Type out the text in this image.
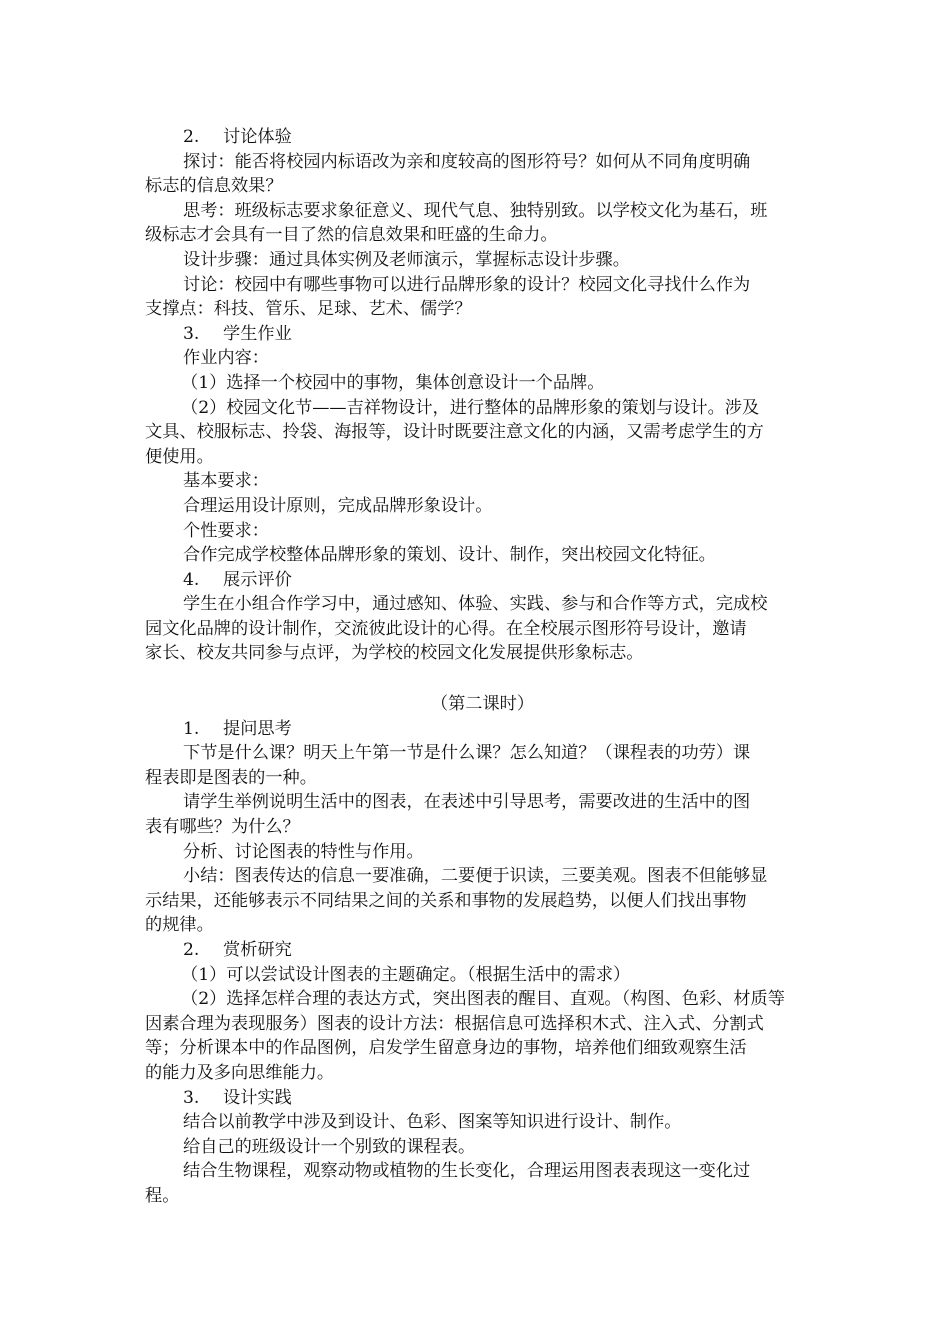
2. 讨论体验
探讨：能否将校园内标语改为亲和度较高的图形符号？如何从不同角度明确
标志的信息效果？
思考：班级标志要求象征意义、现代气息、独特别致。以学校文化为基石，班
级标志才会具有一目了然的信息效果和旺盛的生命力。
设计步骤：通过具体实例及老师演示，掌握标志设计步骤。
讨论：校园中有哪些事物可以进行品牌形象的设计？校园文化寻找什么作为
支撑点：科技、管乐、足球、艺术、儒学？
3. 学生作业
作业内容：
（1）选择一个校园中的事物，集体创意设计一个品牌。
（2）校园文化节——吉祥物设计，进行整体的品牌形象的策划与设计。涉及
文具、校服标志、拎袋、海报等，设计时既要注意文化的内涵，又需考虑学生的方
便使用。
基本要求：
合理运用设计原则，完成品牌形象设计。
个性要求：
合作完成学校整体品牌形象的策划、设计、制作，突出校园文化特征。
4. 展示评价
学生在小组合作学习中，通过感知、体验、实践、参与和合作等方式，完成校
园文化品牌的设计制作，交流彼此设计的心得。在全校展示图形符号设计，邀请
家长、校友共同参与点评，为学校的校园文化发展提供形象标志。
（第二课时）
1. 提问思考
下节是什么课？明天上午第一节是什么课？怎么知道？（课程表的功劳）课
程表即是图表的一种。
请学生举例说明生活中的图表，在表述中引导思考，需要改进的生活中的图
表有哪些？为什么？
分析、讨论图表的特性与作用。
小结：图表传达的信息一要准确，二要便于识读，三要美观。图表不但能够显
示结果，还能够表示不同结果之间的关系和事物的发展趋势，以便人们找出事物
的规律。
2. 赏析研究
（1）可以尝试设计图表的主题确定。（根据生活中的需求）
（2）选择怎样合理的表达方式，突出图表的醒目、直观。（构图、色彩、材质等
因素合理为表现服务）图表的设计方法：根据信息可选择积木式、注入式、分割式
等；分析课本中的作品图例，启发学生留意身边的事物，培养他们细致观察生活
的能力及多向思维能力。
3. 设计实践
结合以前教学中涉及到设计、色彩、图案等知识进行设计、制作。
给自己的班级设计一个别致的课程表。
结合生物课程，观察动物或植物的生长变化，合理运用图表表现这一变化过
程。
